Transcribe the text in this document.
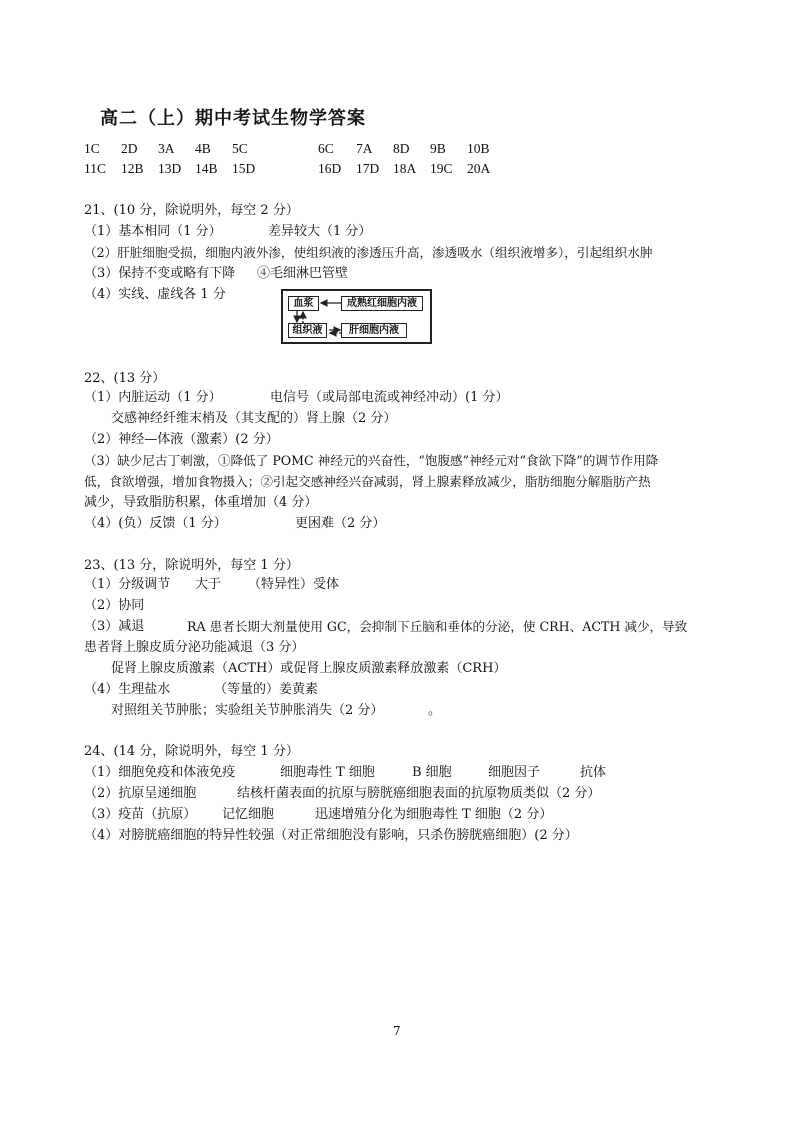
高二（上）期中考试生物学答案
1C 2D 3A 4B 5C	6C 7A 8D 9B 10B
11C 12B 13D 14B 15D	16D 17D 18A 19C 20A
21、(10 分，除说明外，每空 2 分）
（1）基本相同（1 分）	差异较大（1 分）
（2）肝脏细胞受损，细胞内液外渗，使组织液的渗透压升高，渗透吸水（组织液增多），引起组织水肿
（3）保持不变或略有下降 ④毛细淋巴管壁
（4）实线、虚线各 1 分
血浆	成熟红细胞内液
组织液	肝细胞内液
22、(13 分）
（1）内脏运动（1 分）	电信号（或局部电流或神经冲动）(1 分）
交感神经纤维末梢及（其支配的）肾上腺（2 分）
（2）神经—体液（激素）(2 分）
（3）缺少尼古丁刺激，①降低了 POMC 神经元的兴奋性，“饱腹感”神经元对“食欲下降”的调节作用降
低，食欲增强，增加食物摄入；②引起交感神经兴奋减弱，肾上腺素释放减少，脂肪细胞分解脂肪产热
减少，导致脂肪积累，体重增加（4 分）
（4）(负）反馈（1 分）	更困难（2 分）
23、(13 分，除说明外，每空 1 分）
（1）分级调节 大于 （特异性）受体
（2）协同
（3）减退	RA 患者长期大剂量使用 GC，会抑制下丘脑和垂体的分泌，使 CRH、ACTH 减少，导致
患者肾上腺皮质分泌功能减退（3 分）
促肾上腺皮质激素（ACTH）或促肾上腺皮质激素释放激素（CRH）
（4）生理盐水	（等量的）姜黄素
对照组关节肿胀；实验组关节肿胀消失（2 分）	。
24、(14 分，除说明外，每空 1 分）
（1）细胞免疫和体液免疫	细胞毒性 T 细胞	B 细胞	细胞因子	抗体
（2）抗原呈递细胞	结核杆菌表面的抗原与膀胱癌细胞表面的抗原物质类似（2 分）
（3）疫苗（抗原） 记忆细胞	迅速增殖分化为细胞毒性 T 细胞（2 分）
（4）对膀胱癌细胞的特异性较强（对正常细胞没有影响，只杀伤膀胱癌细胞）(2 分）
7
